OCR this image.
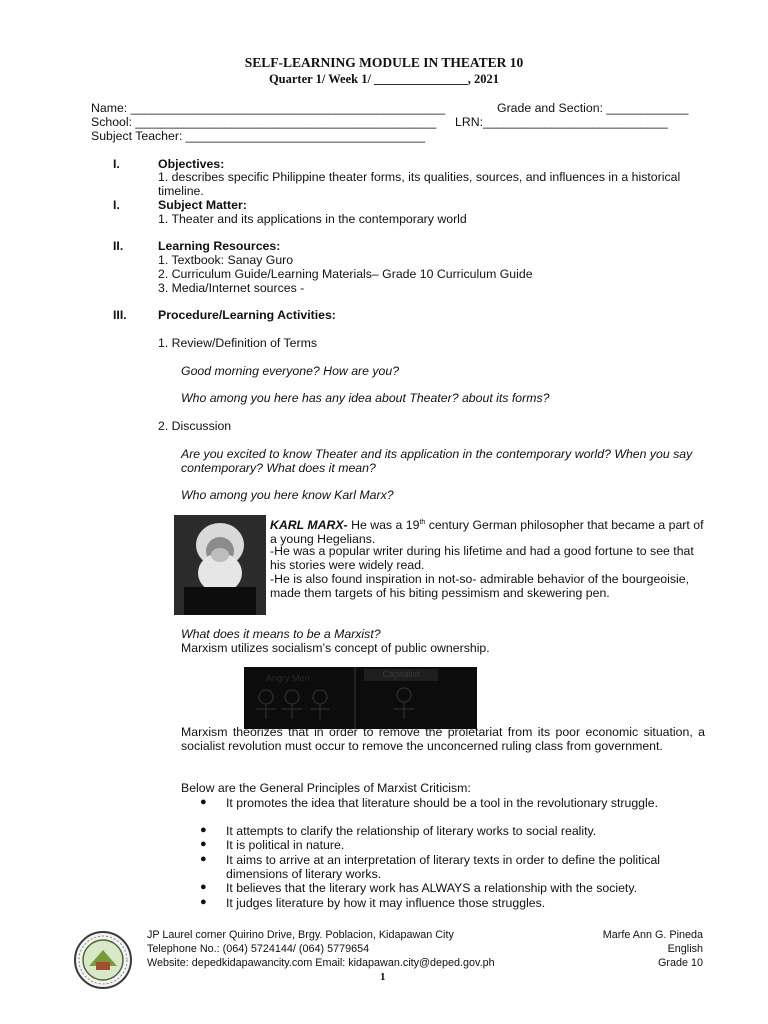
SELF-LEARNING MODULE IN THEATER 10
Quarter 1/ Week 1/ _______________, 2021
Name: ______________________________________________	Grade and Section: ____________
School: ____________________________________________ LRN:___________________________
Subject Teacher: ___________________________________
I.	Objectives:
1. describes specific Philippine theater forms, its qualities, sources, and influences in a historical timeline.
I.	Subject Matter:
1. Theater and its applications in the contemporary world
II.	Learning Resources:
1. Textbook: Sanay Guro
2. Curriculum Guide/Learning Materials– Grade 10 Curriculum Guide
3. Media/Internet sources -
III.	Procedure/Learning Activities:
1. Review/Definition of Terms
Good morning everyone? How are you?
Who among you here has any idea about Theater? about its forms?
2. Discussion
Are you excited to know Theater and its application in the contemporary world? When you say contemporary? What does it mean?
Who among you here know Karl Marx?
KARL MARX- He was a 19th century German philosopher that became a part of a young Hegelians.
-He was a popular writer during his lifetime and had a good fortune to see that his stories were widely read.
-He is also found inspiration in not-so- admirable behavior of the bourgeoisie, made them targets of his biting pessimism and skewering pen.
What does it means to be a Marxist?
Marxism utilizes socialism’s concept of public ownership.
Angry Men	Capitalist
Marxism theorizes that in order to remove the proletariat from its poor economic situation, a socialist revolution must occur to remove the unconcerned ruling class from government.
Below are the General Principles of Marxist Criticism:
● It promotes the idea that literature should be a tool in the revolutionary struggle.
● It attempts to clarify the relationship of literary works to social reality.
● It is political in nature.
● It aims to arrive at an interpretation of literary texts in order to define the political dimensions of literary works.
● It believes that the literary work has ALWAYS a relationship with the society.
● It judges literature by how it may influence those struggles.
JP Laurel corner Quirino Drive, Brgy. Poblacion, Kidapawan City
Telephone No.: (064) 5724144/ (064) 5779654
Website: depedkidapawancity.com Email: kidapawan.city@deped.gov.ph
Marfe Ann G. Pineda
English
Grade 10
1
